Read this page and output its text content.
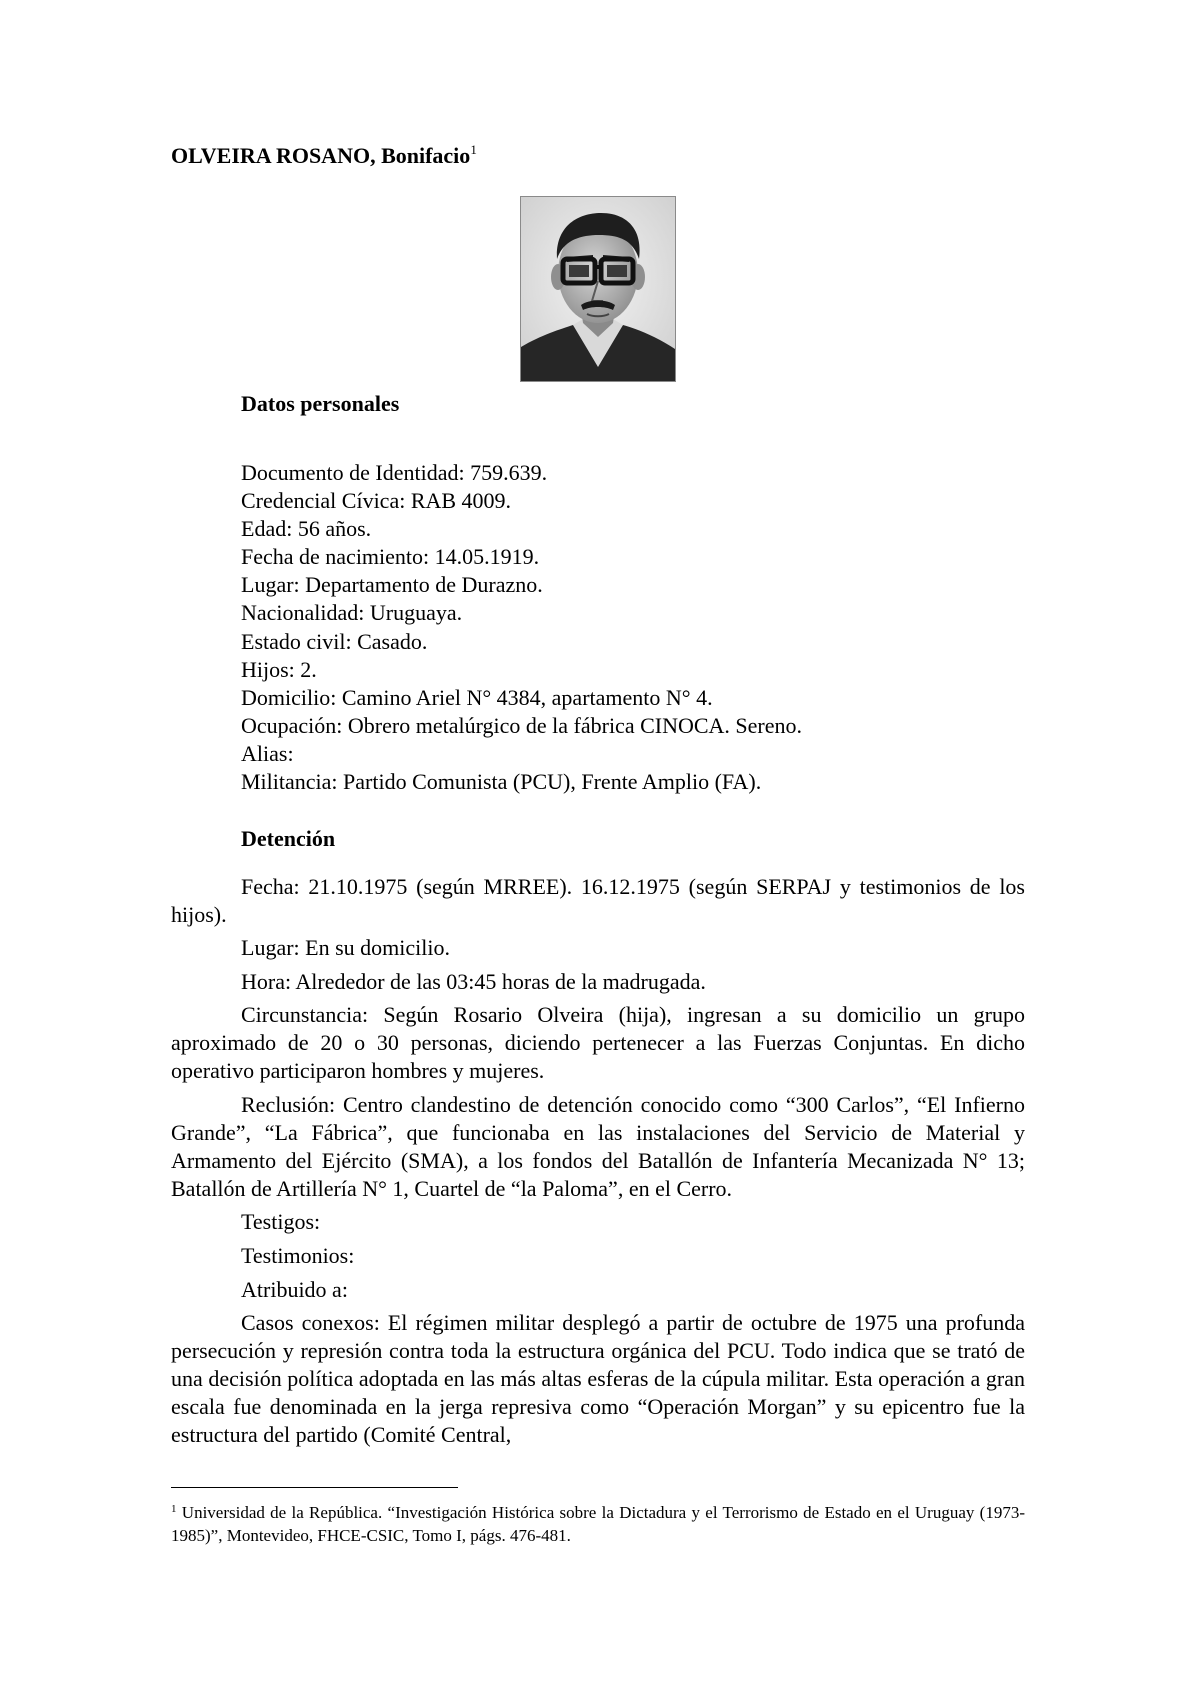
OLVEIRA ROSANO, Bonifacio$^1$
Datos personales
Documento de Identidad: 759.639.
Credencial Cívica: RAB 4009.
Edad: 56 años.
Fecha de nacimiento: 14.05.1919.
Lugar: Departamento de Durazno.
Nacionalidad: Uruguaya.
Estado civil: Casado.
Hijos: 2.
Domicilio: Camino Ariel N° 4384, apartamento N° 4.
Ocupación: Obrero metalúrgico de la fábrica CINOCA. Sereno.
Alias:
Militancia: Partido Comunista (PCU), Frente Amplio (FA).
Detención

Fecha: 21.10.1975 (según MRREE). 16.12.1975 (según SERPAJ y testimonios de los hijos).

Lugar: En su domicilio.

Hora: Alrededor de las 03:45 horas de la madrugada.

Circunstancia: Según Rosario Olveira (hija), ingresan a su domicilio un grupo aproximado de 20 o 30 personas, diciendo pertenecer a las Fuerzas Conjuntas. En dicho operativo participaron hombres y mujeres.

Reclusión: Centro clandestino de detención conocido como “300 Carlos”, “El Infierno Grande”, “La Fábrica”, que funcionaba en las instalaciones del Servicio de Material y Armamento del Ejército (SMA), a los fondos del Batallón de Infantería Mecanizada N° 13; Batallón de Artillería N° 1, Cuartel de “la Paloma”, en el Cerro.

Testigos:

Testimonios:

Atribuido a:

Casos conexos: El régimen militar desplegó a partir de octubre de 1975 una profunda persecución y represión contra toda la estructura orgánica del PCU. Todo indica que se trató de una decisión política adoptada en las más altas esferas de la cúpula militar. Esta operación a gran escala fue denominada en la jerga represiva como “Operación Morgan” y su epicentro fue la estructura del partido (Comité Central,

$^1$ Universidad de la República. “Investigación Histórica sobre la Dictadura y el Terrorismo de Estado en el Uruguay (1973-1985)”, Montevideo, FHCE-CSIC, Tomo I, págs. 476-481.
